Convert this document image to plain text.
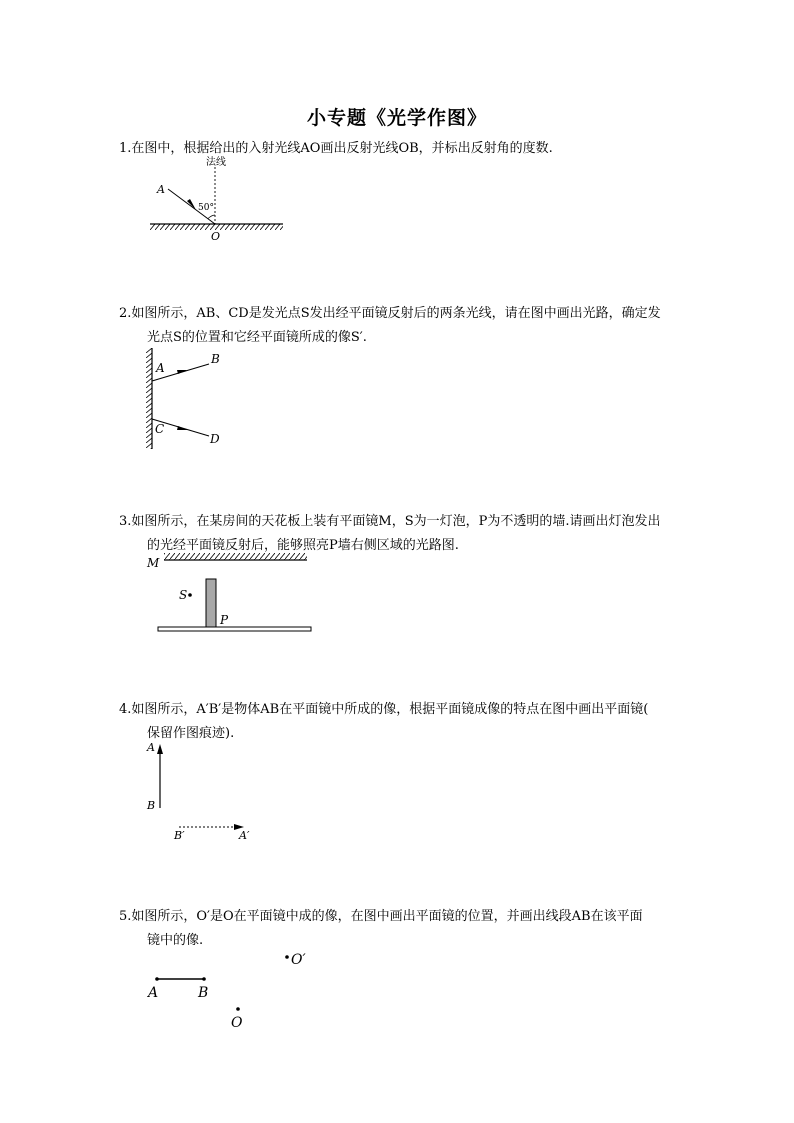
小专题《光学作图》
1.在图中，根据给出的入射光线AO画出反射光线OB，并标出反射角的度数.
法线
50°
A
O
2.如图所示，AB、CD是发光点S发出经平面镜反射后的两条光线，请在图中画出光路，确定发
光点S的位置和它经平面镜所成的像S′.
A
B
C
D
3.如图所示，在某房间的天花板上装有平面镜M，S为一灯泡，P为不透明的墙.请画出灯泡发出
的光经平面镜反射后，能够照亮P墙右侧区域的光路图.
M
S
P
4.如图所示，A′B′是物体AB在平面镜中所成的像，根据平面镜成像的特点在图中画出平面镜(
保留作图痕迹).
A
B
B′	A′
5.如图所示，O′是O在平面镜中成的像，在图中画出平面镜的位置，并画出线段AB在该平面
镜中的像.
O′
A	B
O
